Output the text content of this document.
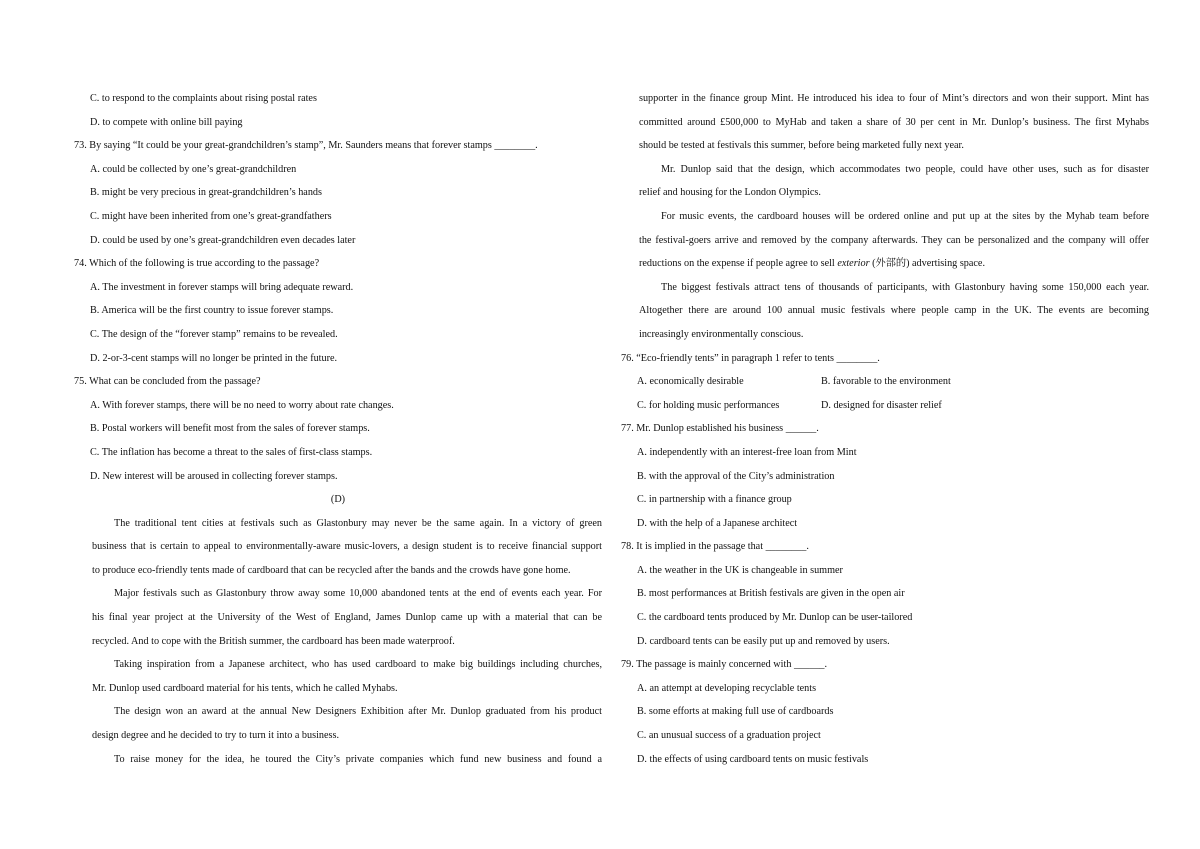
C. to respond to the complaints about rising postal rates
D. to compete with online bill paying
73. By saying “It could be your great-grandchildren’s stamp”, Mr. Saunders means that forever stamps ________.
A. could be collected by one’s great-grandchildren
B. might be very precious in great-grandchildren’s hands
C. might have been inherited from one’s great-grandfathers
D. could be used by one’s great-grandchildren even decades later
74. Which of the following is true according to the passage?
A. The investment in forever stamps will bring adequate reward.
B. America will be the first country to issue forever stamps.
C. The design of the “forever stamp” remains to be revealed.
D. 2-or-3-cent stamps will no longer be printed in the future.
75. What can be concluded from the passage?
A. With forever stamps, there will be no need to worry about rate changes.
B. Postal workers will benefit most from the sales of forever stamps.
C. The inflation has become a threat to the sales of first-class stamps.
D. New interest will be aroused in collecting forever stamps.
(D)
The traditional tent cities at festivals such as Glastonbury may never be the same again. In a victory of green
business that is certain to appeal to environmentally-aware music-lovers, a design student is to receive financial support
to produce eco-friendly tents made of cardboard that can be recycled after the bands and the crowds have gone home.
Major festivals such as Glastonbury throw away some 10,000 abandoned tents at the end of events each year. For
his final year project at the University of the West of England, James Dunlop came up with a material that can be
recycled. And to cope with the British summer, the cardboard has been made waterproof.
Taking inspiration from a Japanese architect, who has used cardboard to make big buildings including churches,
Mr. Dunlop used cardboard material for his tents, which he called Myhabs.
The design won an award at the annual New Designers Exhibition after Mr. Dunlop graduated from his product
design degree and he decided to try to turn it into a business.
To raise money for the idea, he toured the City’s private companies which fund new business and found a
supporter in the finance group Mint. He introduced his idea to four of Mint’s directors and won their support. Mint has
committed around £500,000 to MyHab and taken a share of 30 per cent in Mr. Dunlop’s business. The first Myhabs
should be tested at festivals this summer, before being marketed fully next year.
Mr. Dunlop said that the design, which accommodates two people, could have other uses, such as for disaster
relief and housing for the London Olympics.
For music events, the cardboard houses will be ordered online and put up at the sites by the Myhab team before
the festival-goers arrive and removed by the company afterwards. They can be personalized and the company will offer
reductions on the expense if people agree to sell exterior (外部的) advertising space.
The biggest festivals attract tens of thousands of participants, with Glastonbury having some 150,000 each year.
Altogether there are around 100 annual music festivals where people camp in the UK. The events are becoming
increasingly environmentally conscious.
76. “Eco-friendly tents” in paragraph 1 refer to tents ________.
A. economically desirable	B. favorable to the environment
C. for holding music performances	D. designed for disaster relief
77. Mr. Dunlop established his business ______.
A. independently with an interest-free loan from Mint
B. with the approval of the City’s administration
C. in partnership with a finance group
D. with the help of a Japanese architect
78. It is implied in the passage that ________.
A. the weather in the UK is changeable in summer
B. most performances at British festivals are given in the open air
C. the cardboard tents produced by Mr. Dunlop can be user-tailored
D. cardboard tents can be easily put up and removed by users.
79. The passage is mainly concerned with ______.
A. an attempt at developing recyclable tents
B. some efforts at making full use of cardboards
C. an unusual success of a graduation project
D. the effects of using cardboard tents on music festivals
